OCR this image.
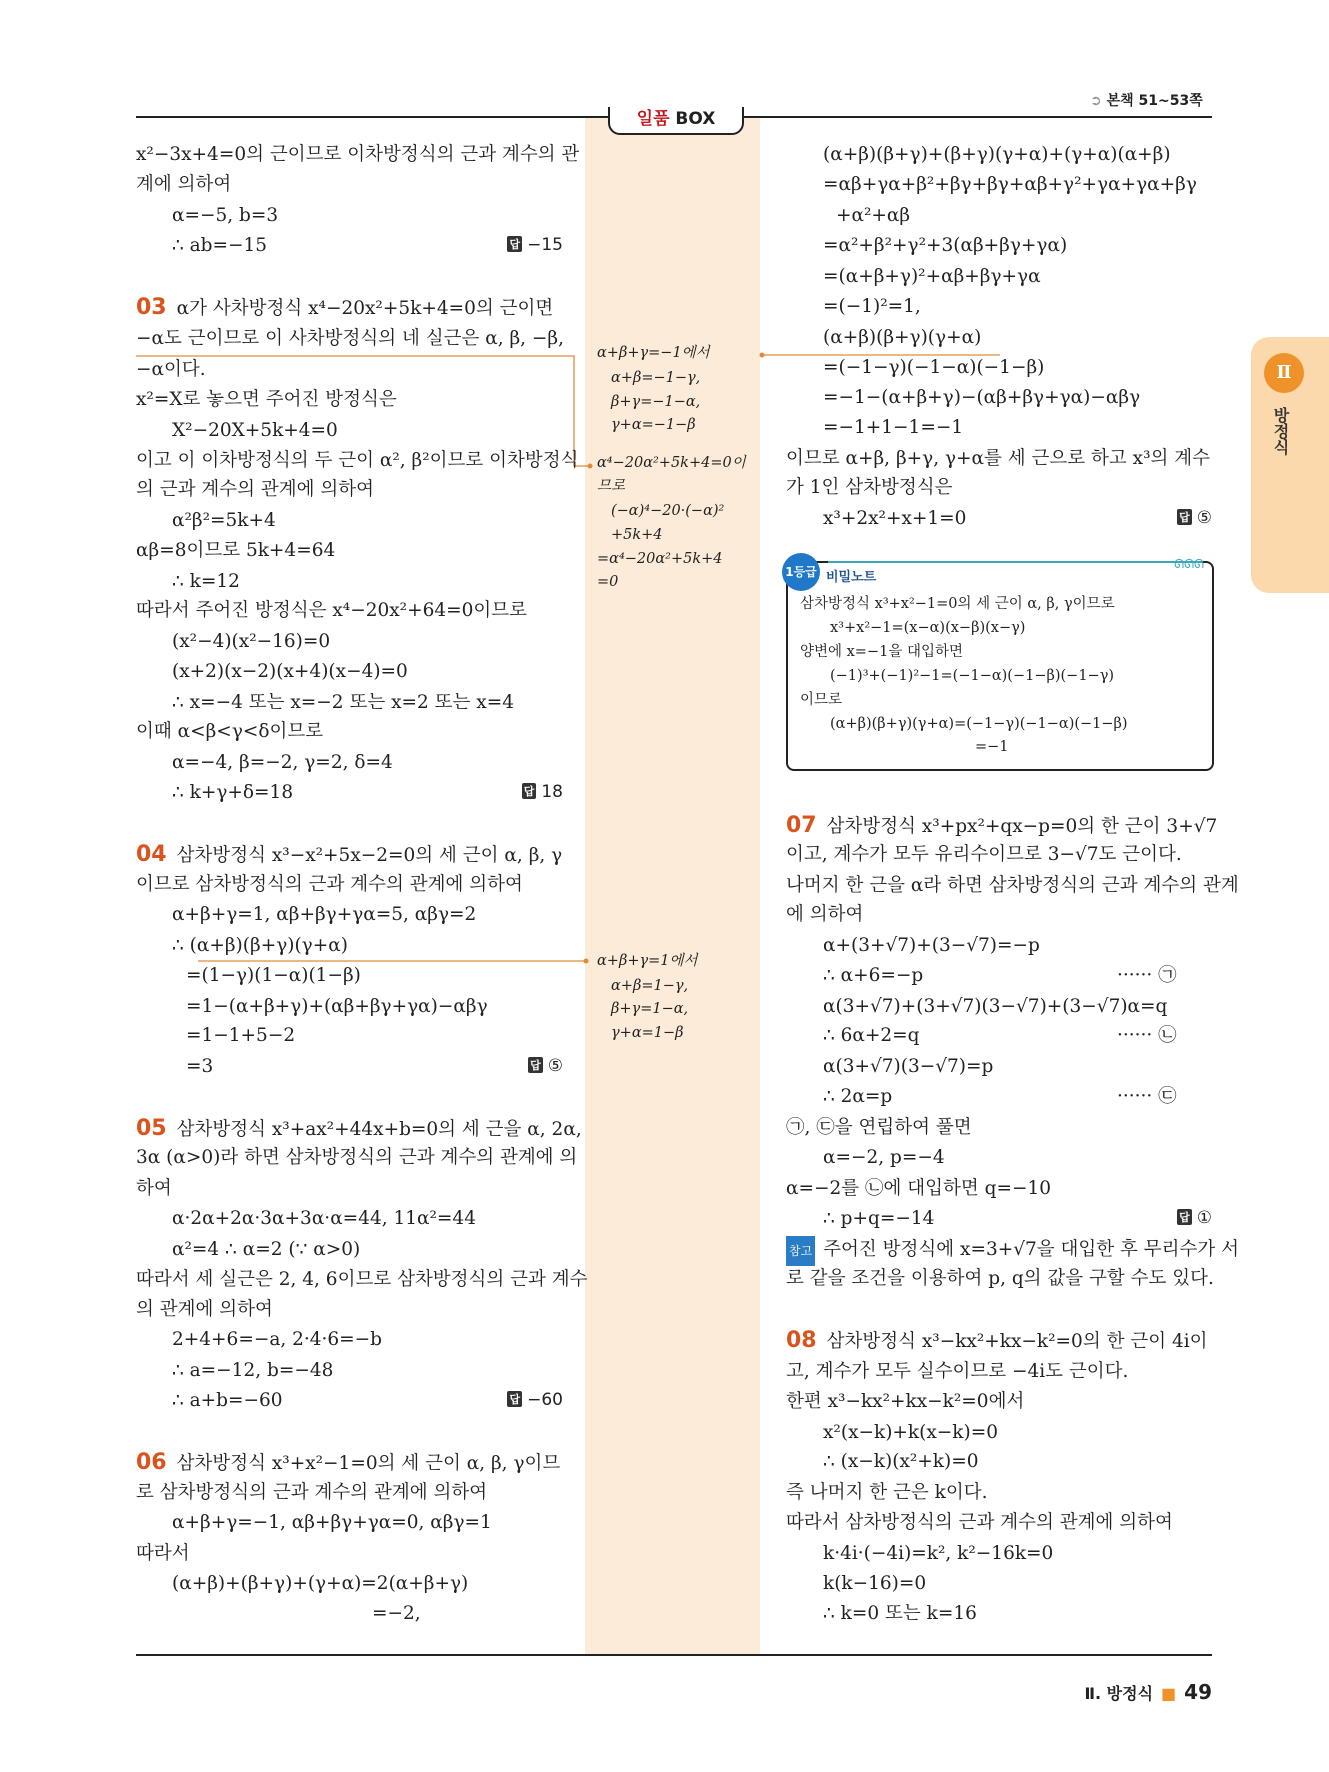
일품 BOX
➲ 본책 51~53쪽
Ⅱ
방정식
1등급 비밀노트
ᘏᘏᘏ
Ⅱ. 방정식 ■ 49
x²−3x+4=0의 근이므로 이차방정식의 근과 계수의 관
계에 의하여
α=−5, b=3
∴ ab=−15	답 −15
03 α가 사차방정식 x⁴−20x²+5k+4=0의 근이면
−α도 근이므로 이 사차방정식의 네 실근은 α, β, −β,
−α이다.
x²=X로 놓으면 주어진 방정식은
X²−20X+5k+4=0
이고 이 이차방정식의 두 근이 α², β²이므로 이차방정식
의 근과 계수의 관계에 의하여
α²β²=5k+4
αβ=8이므로 5k+4=64
∴ k=12
따라서 주어진 방정식은 x⁴−20x²+64=0이므로
(x²−4)(x²−16)=0
(x+2)(x−2)(x+4)(x−4)=0
∴ x=−4 또는 x=−2 또는 x=2 또는 x=4
이때 α<β<γ<δ이므로
α=−4, β=−2, γ=2, δ=4
∴ k+γ+δ=18	답 18
04 삼차방정식 x³−x²+5x−2=0의 세 근이 α, β, γ
이므로 삼차방정식의 근과 계수의 관계에 의하여
α+β+γ=1, αβ+βγ+γα=5, αβγ=2
∴ (α+β)(β+γ)(γ+α)
=(1−γ)(1−α)(1−β)
=1−(α+β+γ)+(αβ+βγ+γα)−αβγ
=1−1+5−2
=3	답 ⑤
05 삼차방정식 x³+ax²+44x+b=0의 세 근을 α, 2α,
3α (α>0)라 하면 삼차방정식의 근과 계수의 관계에 의
하여
α·2α+2α·3α+3α·α=44, 11α²=44
α²=4 ∴ α=2 (∵ α>0)
따라서 세 실근은 2, 4, 6이므로 삼차방정식의 근과 계수
의 관계에 의하여
2+4+6=−a, 2·4·6=−b
∴ a=−12, b=−48
∴ a+b=−60	답 −60
06 삼차방정식 x³+x²−1=0의 세 근이 α, β, γ이므
로 삼차방정식의 근과 계수의 관계에 의하여
α+β+γ=−1, αβ+βγ+γα=0, αβγ=1
따라서
(α+β)+(β+γ)+(γ+α)=2(α+β+γ)
=−2,
(α+β)(β+γ)+(β+γ)(γ+α)+(γ+α)(α+β)
=αβ+γα+β²+βγ+βγ+αβ+γ²+γα+γα+βγ
+α²+αβ
=α²+β²+γ²+3(αβ+βγ+γα)
=(α+β+γ)²+αβ+βγ+γα
=(−1)²=1,
(α+β)(β+γ)(γ+α)
=(−1−γ)(−1−α)(−1−β)
=−1−(α+β+γ)−(αβ+βγ+γα)−αβγ
=−1+1−1=−1
이므로 α+β, β+γ, γ+α를 세 근으로 하고 x³의 계수
가 1인 삼차방정식은
x³+2x²+x+1=0	답 ⑤
07 삼차방정식 x³+px²+qx−p=0의 한 근이 3+√7
이고, 계수가 모두 유리수이므로 3−√7도 근이다.
나머지 한 근을 α라 하면 삼차방정식의 근과 계수의 관계
에 의하여
α+(3+√7)+(3−√7)=−p
∴ α+6=−p	······ ㉠
α(3+√7)+(3+√7)(3−√7)+(3−√7)α=q
∴ 6α+2=q	······ ㉡
α(3+√7)(3−√7)=p
∴ 2α=p	······ ㉢
㉠, ㉢을 연립하여 풀면
α=−2, p=−4
α=−2를 ㉡에 대입하면 q=−10
∴ p+q=−14	답 ①
참고 주어진 방정식에 x=3+√7을 대입한 후 무리수가 서
로 같을 조건을 이용하여 p, q의 값을 구할 수도 있다.
08 삼차방정식 x³−kx²+kx−k²=0의 한 근이 4i이
고, 계수가 모두 실수이므로 −4i도 근이다.
한편 x³−kx²+kx−k²=0에서
x²(x−k)+k(x−k)=0
∴ (x−k)(x²+k)=0
즉 나머지 한 근은 k이다.
따라서 삼차방정식의 근과 계수의 관계에 의하여
k·4i·(−4i)=k², k²−16k=0
k(k−16)=0
∴ k=0 또는 k=16
α+β+γ=−1에서
α+β=−1−γ,
β+γ=−1−α,
γ+α=−1−β
α⁴−20α²+5k+4=0이
므로
(−α)⁴−20·(−α)²
+5k+4
=α⁴−20α²+5k+4
=0
α+β+γ=1에서
α+β=1−γ,
β+γ=1−α,
γ+α=1−β
삼차방정식 x³+x²−1=0의 세 근이 α, β, γ이므로
x³+x²−1=(x−α)(x−β)(x−γ)
양변에 x=−1을 대입하면
(−1)³+(−1)²−1=(−1−α)(−1−β)(−1−γ)
이므로
(α+β)(β+γ)(γ+α)=(−1−γ)(−1−α)(−1−β)
=−1
